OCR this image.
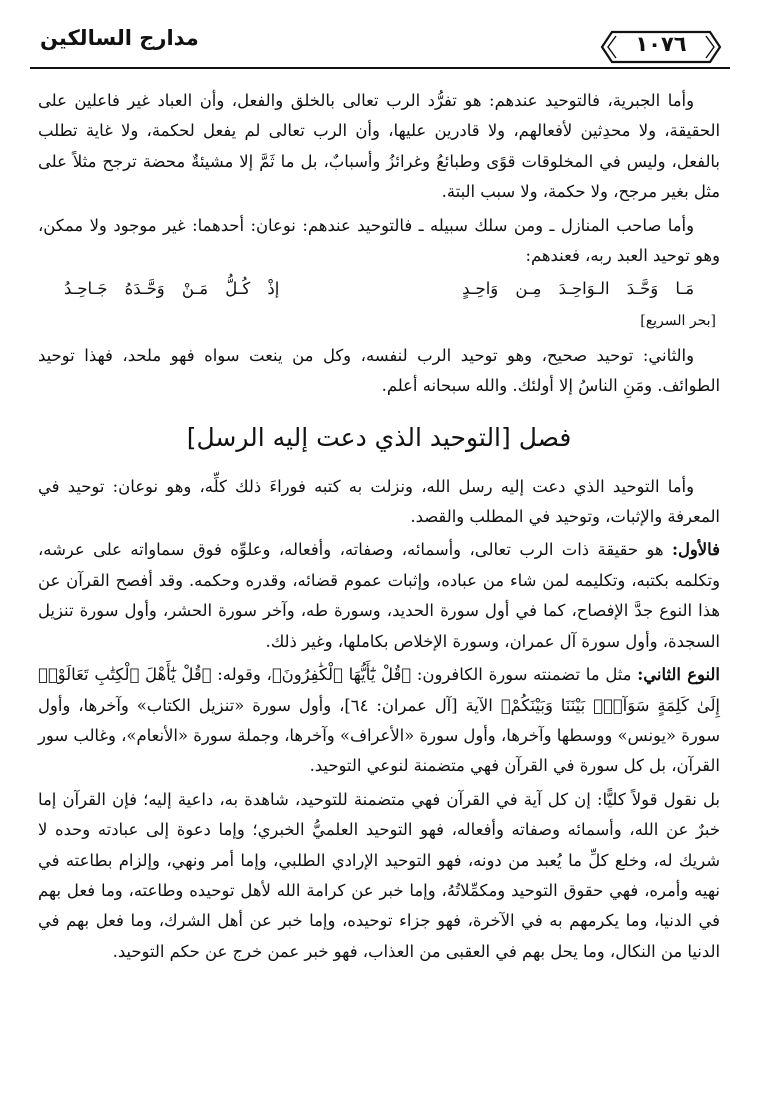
مدارج السالكين	١٠٧٦

وأما الجبرية، فالتوحيد عندهم: هو تفرُّد الرب تعالى بالخلق والفعل، وأن العباد غير فاعلين على الحقيقة، ولا محدِثين لأفعالهم، ولا قادرين عليها، وأن الرب تعالى لم يفعل لحكمة، ولا غاية تطلب بالفعل، وليس في المخلوقات قوًى وطبائعُ وغرائزُ وأسبابٌ، بل ما ثَمَّ إلا مشيئةٌ محضة ترجح مثلاً على مثل بغير مرجح، ولا حكمة، ولا سبب البتة.

وأما صاحب المنازل ـ ومن سلك سبيله ـ فالتوحيد عندهم: نوعان: أحدهما: غير موجود ولا ممكن، وهو توحيد العبد ربه، فعندهم:

مَـا وَحَّـدَ الـوَاحِـدَ مِـن وَاحِـدٍ
إذْ كُـلُّ مَـنْ وَحَّـدَهُ جَـاحِـدُ
[بحر السريع]

والثاني: توحيد صحيح، وهو توحيد الرب لنفسه، وكل من ينعت سواه فهو ملحد، فهذا توحيد الطوائف. ومَنِ الناسُ إلا أولئك. والله سبحانه أعلم.

فصل [التوحيد الذي دعت إليه الرسل]

وأما التوحيد الذي دعت إليه رسل الله، ونزلت به كتبه فوراءَ ذلك كلِّه، وهو نوعان: توحيد في المعرفة والإثبات، وتوحيد في المطلب والقصد.

فالأول: هو حقيقة ذات الرب تعالى، وأسمائه، وصفاته، وأفعاله، وعلوِّه فوق سماواته على عرشه، وتكلمه بكتبه، وتكليمه لمن شاء من عباده، وإثبات عموم قضائه، وقدره وحكمه. وقد أفصح القرآن عن هذا النوع جدَّ الإفصاح، كما في أول سورة الحديد، وسورة طه، وآخر سورة الحشر، وأول سورة تنزيل السجدة، وأول سورة آل عمران، وسورة الإخلاص بكاملها، وغير ذلك.

النوع الثاني: مثل ما تضمنته سورة الكافرون: ﴿قُلْ يَٰٓأَيُّهَا ٱلْكَٰفِرُونَ﴾، وقوله: ﴿قُلْ يَٰٓأَهْلَ ٱلْكِتَٰبِ تَعَالَوْا۟ إِلَىٰ كَلِمَةٍ سَوَآءٍۭ بَيْنَنَا وَبَيْنَكُمْ﴾ الآية [آل عمران: ٦٤]، وأول سورة «تنزيل الكتاب» وآخرها، وأول سورة «يونس» ووسطها وآخرها، وأول سورة «الأعراف» وآخرها، وجملة سورة «الأنعام»، وغالب سور القرآن، بل كل سورة في القرآن فهي متضمنة لنوعي التوحيد.

بل نقول قولاً كليًّا: إن كل آية في القرآن فهي متضمنة للتوحيد، شاهدة به، داعية إليه؛ فإن القرآن إما خبرٌ عن الله، وأسمائه وصفاته وأفعاله، فهو التوحيد العلميُّ الخبري؛ وإما دعوة إلى عبادته وحده لا شريك له، وخلع كلِّ ما يُعبد من دونه، فهو التوحيد الإرادي الطلبي، وإما أمر ونهي، وإلزام بطاعته في نهيه وأمره، فهي حقوق التوحيد ومكمِّلاتُهُ، وإما خبر عن كرامة الله لأهل توحيده وطاعته، وما فعل بهم في الدنيا، وما يكرمهم به في الآخرة، فهو جزاء توحيده، وإما خبر عن أهل الشرك، وما فعل بهم في الدنيا من النكال، وما يحل بهم في العقبى من العذاب، فهو خبر عمن خرج عن حكم التوحيد.
